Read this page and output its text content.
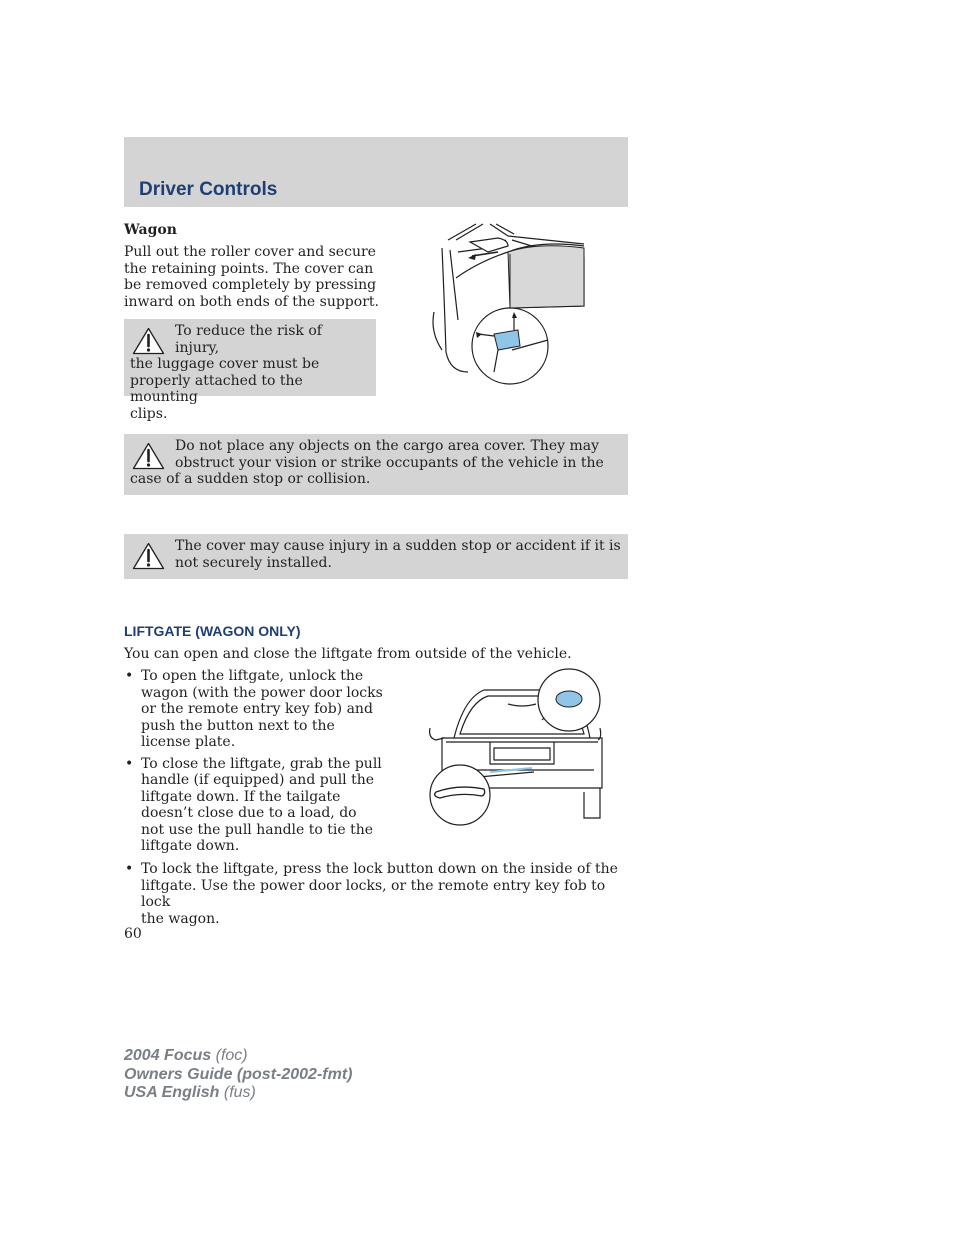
Driver Controls
Wagon
Pull out the roller cover and secure
the retaining points. The cover can
be removed completely by pressing
inward on both ends of the support.
To reduce the risk of injury,
the luggage cover must be
properly attached to the mounting
clips.
Do not place any objects on the cargo area cover. They may
obstruct your vision or strike occupants of the vehicle in the
case of a sudden stop or collision.
The cover may cause injury in a sudden stop or accident if it is
not securely installed.
LIFTGATE (WAGON ONLY)
You can open and close the liftgate from outside of the vehicle.
• To open the liftgate, unlock the
wagon (with the power door locks
or the remote entry key fob) and
push the button next to the
license plate.
• To close the liftgate, grab the pull
handle (if equipped) and pull the
liftgate down. If the tailgate
doesn’t close due to a load, do
not use the pull handle to tie the
liftgate down.
• To lock the liftgate, press the lock button down on the inside of the
liftgate. Use the power door locks, or the remote entry key fob to lock
the wagon.
60
2004 Focus (foc)
Owners Guide (post-2002-fmt)
USA English (fus)
